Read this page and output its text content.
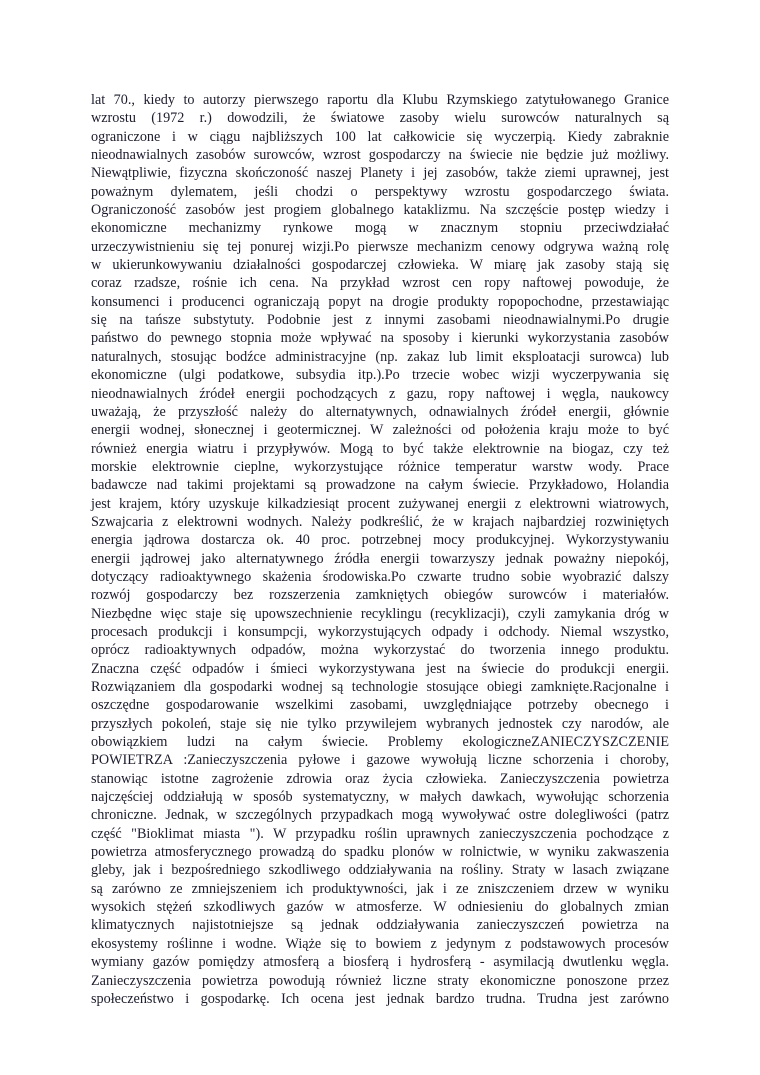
lat 70., kiedy to autorzy pierwszego raportu dla Klubu Rzymskiego zatytułowanego Granice
wzrostu (1972 r.) dowodzili, że światowe zasoby wielu surowców naturalnych są
ograniczone i w ciągu najbliższych 100 lat całkowicie się wyczerpią. Kiedy zabraknie
nieodnawialnych zasobów surowców, wzrost gospodarczy na świecie nie będzie już możliwy.
Niewątpliwie, fizyczna skończoność naszej Planety i jej zasobów, także ziemi uprawnej, jest
poważnym dylematem, jeśli chodzi o perspektywy wzrostu gospodarczego świata.
Ograniczoność zasobów jest progiem globalnego kataklizmu. Na szczęście postęp wiedzy i
ekonomiczne mechanizmy rynkowe mogą w znacznym stopniu przeciwdziałać
urzeczywistnieniu się tej ponurej wizji.Po pierwsze mechanizm cenowy odgrywa ważną rolę
w ukierunkowywaniu działalności gospodarczej człowieka. W miarę jak zasoby stają się
coraz rzadsze, rośnie ich cena. Na przykład wzrost cen ropy naftowej powoduje, że
konsumenci i producenci ograniczają popyt na drogie produkty ropopochodne, przestawiając
się na tańsze substytuty. Podobnie jest z innymi zasobami nieodnawialnymi.Po drugie
państwo do pewnego stopnia może wpływać na sposoby i kierunki wykorzystania zasobów
naturalnych, stosując bodźce administracyjne (np. zakaz lub limit eksploatacji surowca) lub
ekonomiczne (ulgi podatkowe, subsydia itp.).Po trzecie wobec wizji wyczerpywania się
nieodnawialnych źródeł energii pochodzących z gazu, ropy naftowej i węgla, naukowcy
uważają, że przyszłość należy do alternatywnych, odnawialnych źródeł energii, głównie
energii wodnej, słonecznej i geotermicznej. W zależności od położenia kraju może to być
również energia wiatru i przypływów. Mogą to być także elektrownie na biogaz, czy też
morskie elektrownie cieplne, wykorzystujące różnice temperatur warstw wody. Prace
badawcze nad takimi projektami są prowadzone na całym świecie. Przykładowo, Holandia
jest krajem, który uzyskuje kilkadziesiąt procent zużywanej energii z elektrowni wiatrowych,
Szwajcaria z elektrowni wodnych. Należy podkreślić, że w krajach najbardziej rozwiniętych
energia jądrowa dostarcza ok. 40 proc. potrzebnej mocy produkcyjnej. Wykorzystywaniu
energii jądrowej jako alternatywnego źródła energii towarzyszy jednak poważny niepokój,
dotyczący radioaktywnego skażenia środowiska.Po czwarte trudno sobie wyobrazić dalszy
rozwój gospodarczy bez rozszerzenia zamkniętych obiegów surowców i materiałów.
Niezbędne więc staje się upowszechnienie recyklingu (recyklizacji), czyli zamykania dróg w
procesach produkcji i konsumpcji, wykorzystujących odpady i odchody. Niemal wszystko,
oprócz radioaktywnych odpadów, można wykorzystać do tworzenia innego produktu.
Znaczna część odpadów i śmieci wykorzystywana jest na świecie do produkcji energii.
Rozwiązaniem dla gospodarki wodnej są technologie stosujące obiegi zamknięte.Racjonalne i
oszczędne gospodarowanie wszelkimi zasobami, uwzględniające potrzeby obecnego i
przyszłych pokoleń, staje się nie tylko przywilejem wybranych jednostek czy narodów, ale
obowiązkiem ludzi na całym świecie. Problemy ekologiczneZANIECZYSZCZENIE
POWIETRZA :Zanieczyszczenia pyłowe i gazowe wywołują liczne schorzenia i choroby,
stanowiąc istotne zagrożenie zdrowia oraz życia człowieka. Zanieczyszczenia powietrza
najczęściej oddziałują w sposób systematyczny, w małych dawkach, wywołując schorzenia
chroniczne. Jednak, w szczególnych przypadkach mogą wywoływać ostre dolegliwości (patrz
część "Bioklimat miasta "). W przypadku roślin uprawnych zanieczyszczenia pochodzące z
powietrza atmosferycznego prowadzą do spadku plonów w rolnictwie, w wyniku zakwaszenia
gleby, jak i bezpośredniego szkodliwego oddziaływania na rośliny. Straty w lasach związane
są zarówno ze zmniejszeniem ich produktywności, jak i ze zniszczeniem drzew w wyniku
wysokich stężeń szkodliwych gazów w atmosferze. W odniesieniu do globalnych zmian
klimatycznych najistotniejsze są jednak oddziaływania zanieczyszczeń powietrza na
ekosystemy roślinne i wodne. Wiąże się to bowiem z jedynym z podstawowych procesów
wymiany gazów pomiędzy atmosferą a biosferą i hydrosferą - asymilacją dwutlenku węgla.
Zanieczyszczenia powietrza powodują również liczne straty ekonomiczne ponoszone przez
społeczeństwo i gospodarkę. Ich ocena jest jednak bardzo trudna. Trudna jest zarówno
